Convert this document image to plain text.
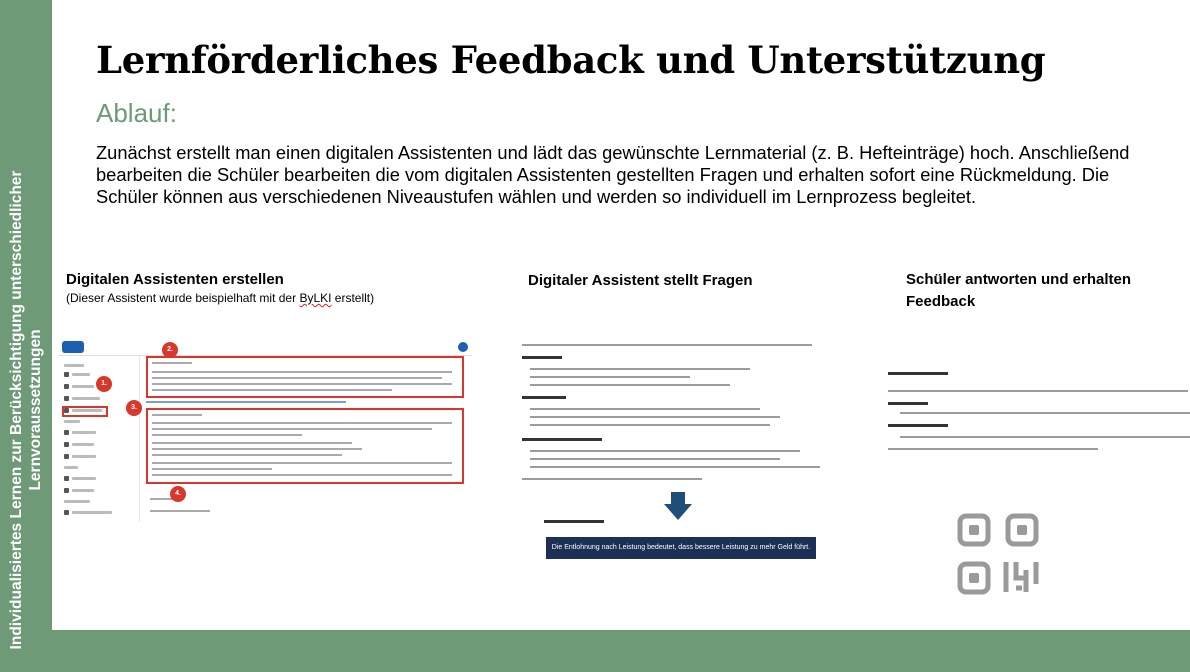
Individualisiertes Lernen zur Berücksichtigung unterschiedlicher Lernvoraussetzungen
Lernförderliches Feedback und Unterstützung
Ablauf:
Zunächst erstellt man einen digitalen Assistenten und lädt das gewünschte Lernmaterial (z. B. Hefteinträge) hoch. Anschließend bearbeiten die Schüler bearbeiten die vom digitalen Assistenten gestellten Fragen und erhalten sofort eine Rückmeldung. Die Schüler können aus verschiedenen Niveaustufen wählen und werden so individuell im Lernprozess begleitet.
Digitalen Assistenten erstellen
(Dieser Assistent wurde beispielhaft mit der ByLKI erstellt)
Digitaler Assistent stellt Fragen	Schüler antworten und erhalten Feedback
2.
1.
3.
4.
Die Entlohnung nach Leistung bedeutet, dass bessere Leistung zu mehr Geld führt.
